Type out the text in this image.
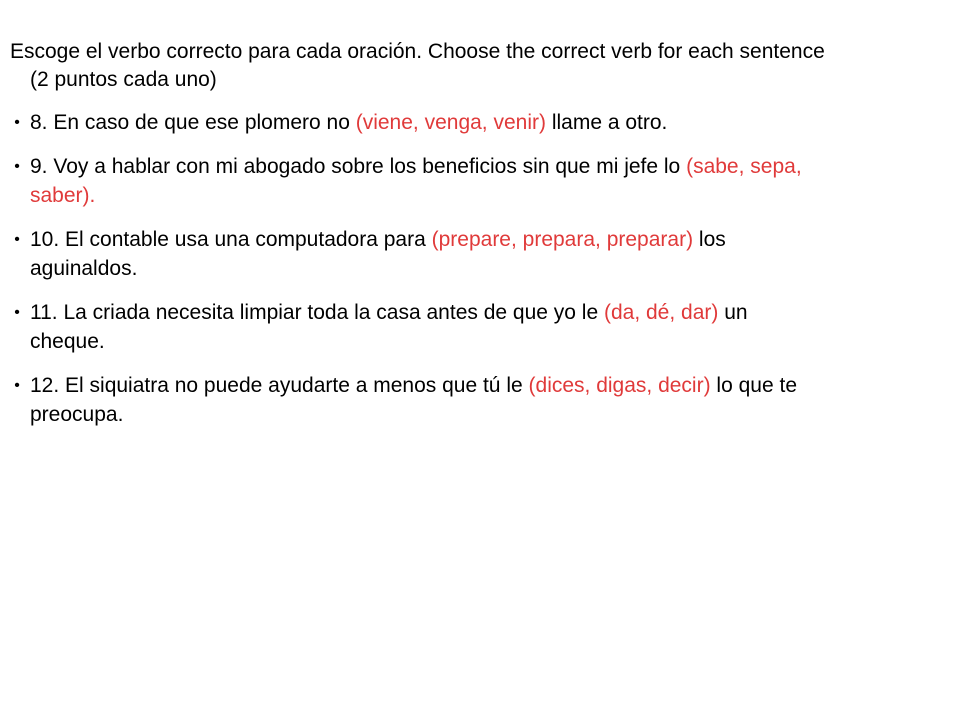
Escoge el verbo correcto para cada oración. Choose the correct verb for each sentence (2 puntos cada uno)

• 8. En caso de que ese plomero no (viene, venga, venir) llame a otro.
• 9. Voy a hablar con mi abogado sobre los beneficios sin que mi jefe lo (sabe, sepa, saber).
• 10. El contable usa una computadora para (prepare, prepara, preparar) los aguinaldos.
• 11. La criada necesita limpiar toda la casa antes de que yo le (da, dé, dar) un cheque.
• 12. El siquiatra no puede ayudarte a menos que tú le (dices, digas, decir) lo que te preocupa.
